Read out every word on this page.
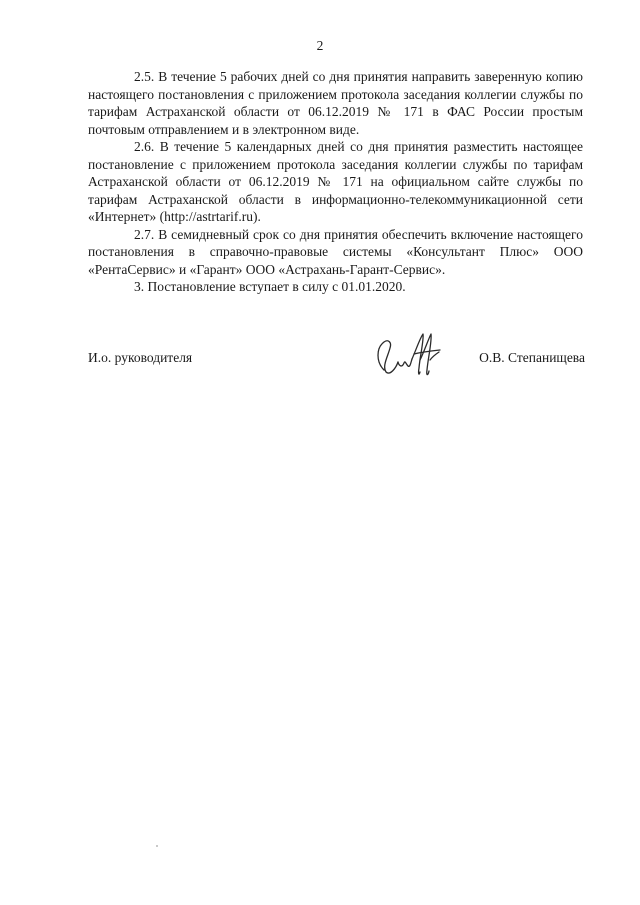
2

2.5. В течение 5 рабочих дней со дня принятия направить заверенную копию настоящего постановления с приложением протокола заседания коллегии службы по тарифам Астраханской области от 06.12.2019 № 171 в ФАС России простым почтовым отправлением и в электронном виде.

2.6. В течение 5 календарных дней со дня принятия разместить настоящее постановление с приложением протокола заседания коллегии службы по тарифам Астраханской области от 06.12.2019 № 171 на официальном сайте службы по тарифам Астраханской области в информационно-телекоммуникационной сети «Интернет» (http://astrtarif.ru).

2.7. В семидневный срок со дня принятия обеспечить включение настоящего постановления в справочно-правовые системы «Консультант Плюс» ООО «РентаСервис» и «Гарант» ООО «Астрахань-Гарант-Сервис».

3. Постановление вступает в силу с 01.01.2020.

И.о. руководителя	О.В. Степанищева
